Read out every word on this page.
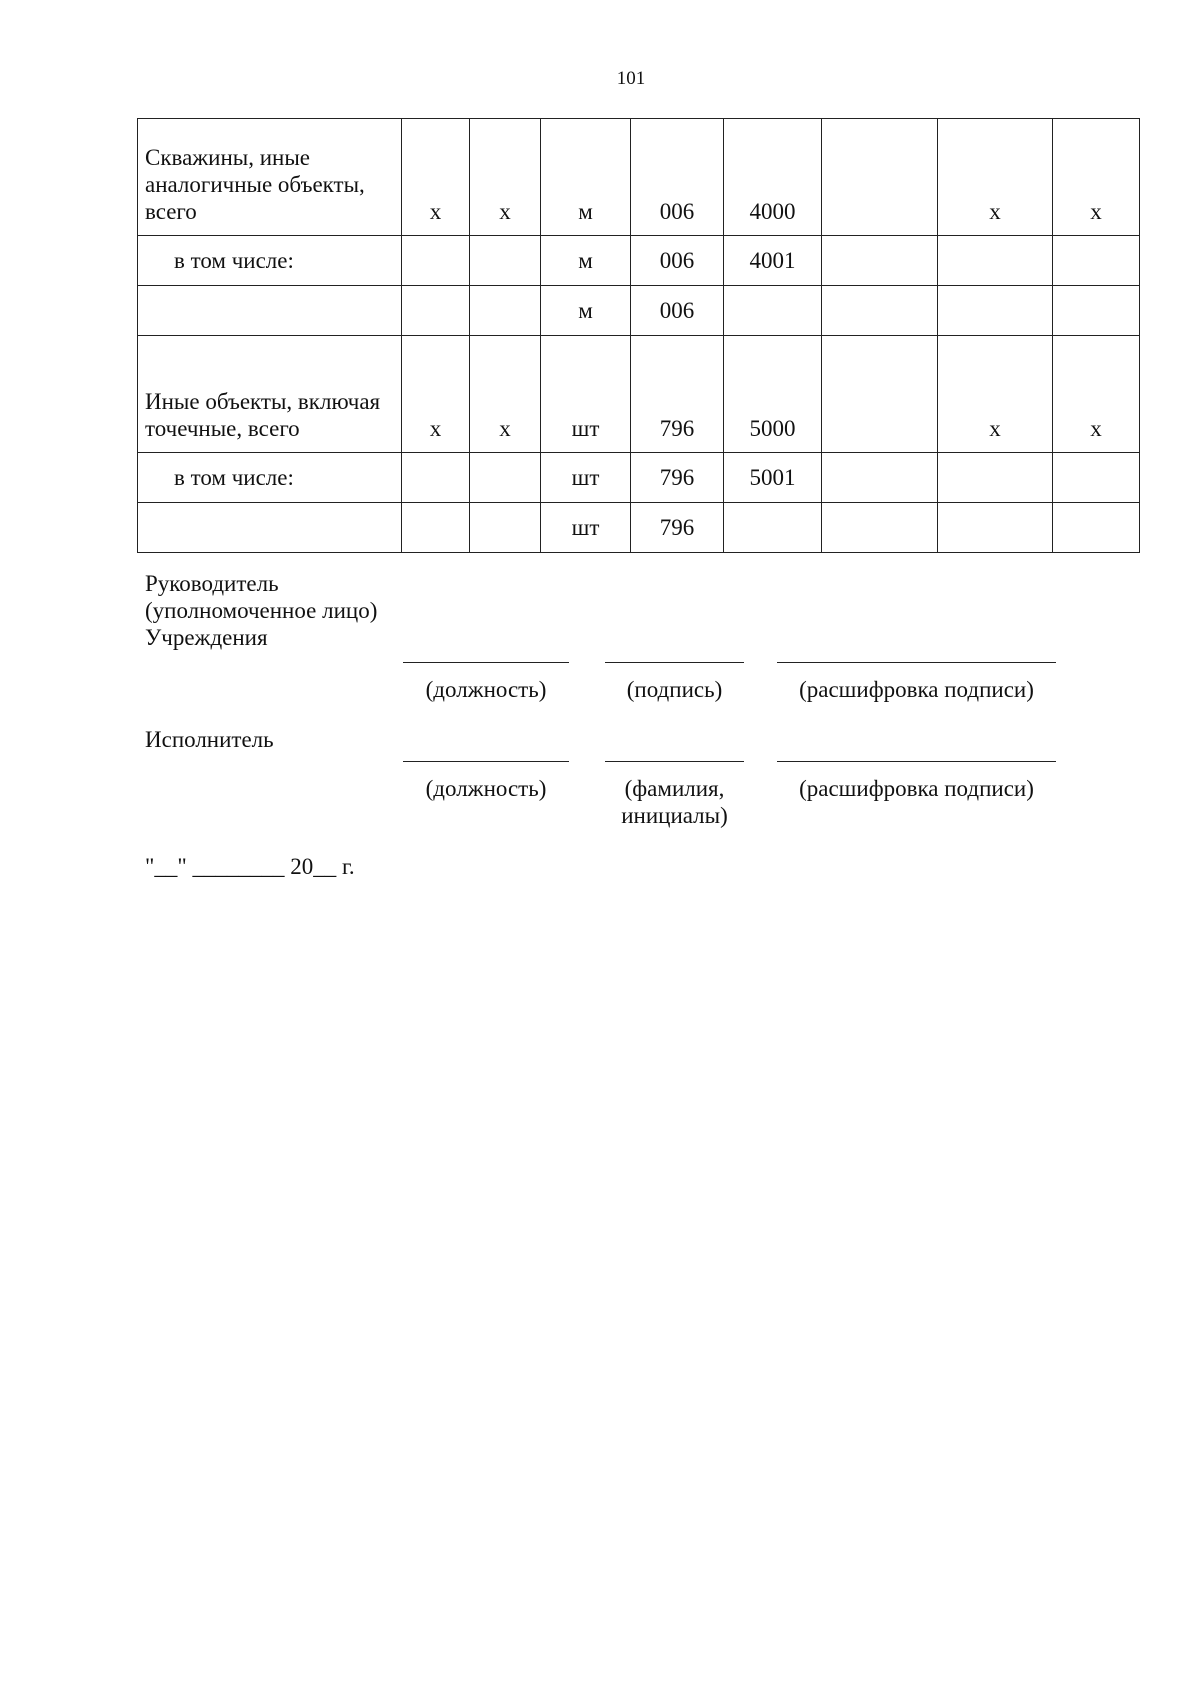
101
Скважины, иные аналогичные объекты, всего	х	х	м	006	4000		х	х
в том числе:			м	006	4001			
			м	006				
Иные объекты, включая точечные, всего	х	х	шт	796	5000		х	х
в том числе:			шт	796	5001			
			шт	796				
Руководитель
(уполномоченное лицо)
Учреждения
(должность)	(подпись)	(расшифровка подписи)
Исполнитель
(должность)	(фамилия,
инициалы)
(расшифровка подписи)
"__" ________ 20__ г.
